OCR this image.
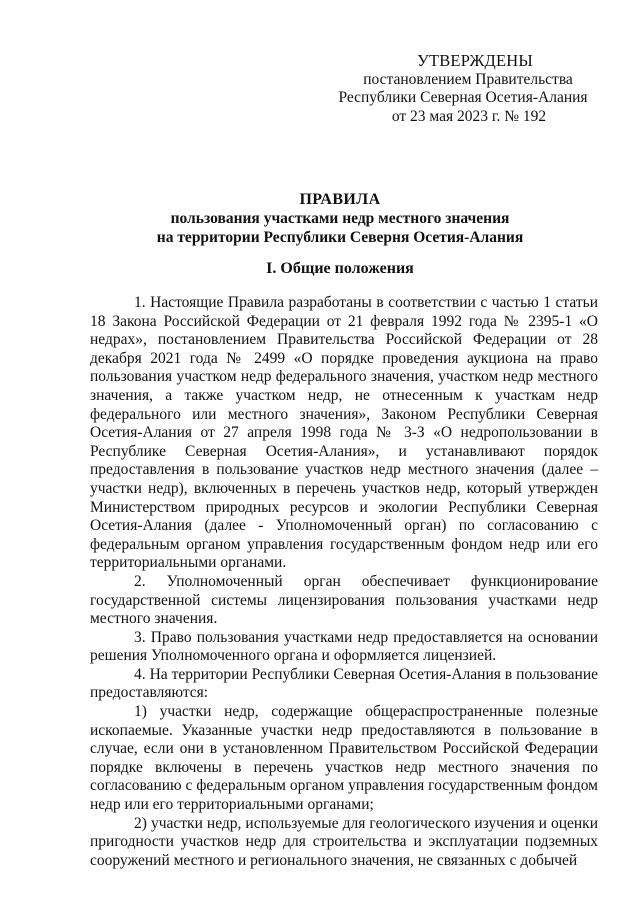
УТВЕРЖДЕНЫ
постановлением Правительства
Республики Северная Осетия-Алания
от 23 мая 2023 г. № 192
ПРАВИЛА
пользования участками недр местного значения
на территории Республики Северня Осетия-Алания
I. Общие положения

1. Настоящие Правила разработаны в соответствии с частью 1 статьи 18 Закона Российской Федерации от 21 февраля 1992 года № 2395-1 «О недрах», постановлением Правительства Российской Федерации от 28 декабря 2021 года № 2499 «О порядке проведения аукциона на право пользования участком недр федерального значения, участком недр местного значения, а также участком недр, не отнесенным к участкам недр федерального или местного значения», Законом Республики Северная Осетия-Алания от 27 апреля 1998 года № 3-З «О недропользовании в Республике Северная Осетия-Алания», и устанавливают порядок предоставления в пользование участков недр местного значения (далее – участки недр), включенных в перечень участков недр, который утвержден Министерством природных ресурсов и экологии Республики Северная Осетия-Алания (далее - Уполномоченный орган) по согласованию с федеральным органом управления государственным фондом недр или его территориальными органами.

2. Уполномоченный орган обеспечивает функционирование государственной системы лицензирования пользования участками недр местного значения.

3. Право пользования участками недр предоставляется на основании решения Уполномоченного органа и оформляется лицензией.

4. На территории Республики Северная Осетия-Алания в пользование предоставляются:

1) участки недр, содержащие общераспространенные полезные ископаемые. Указанные участки недр предоставляются в пользование в случае, если они в установленном Правительством Российской Федерации порядке включены в перечень участков недр местного значения по согласованию с федеральным органом управления государственным фондом недр или его территориальными органами;

2) участки недр, используемые для геологического изучения и оценки пригодности участков недр для строительства и эксплуатации подземных сооружений местного и регионального значения, не связанных с добычей
